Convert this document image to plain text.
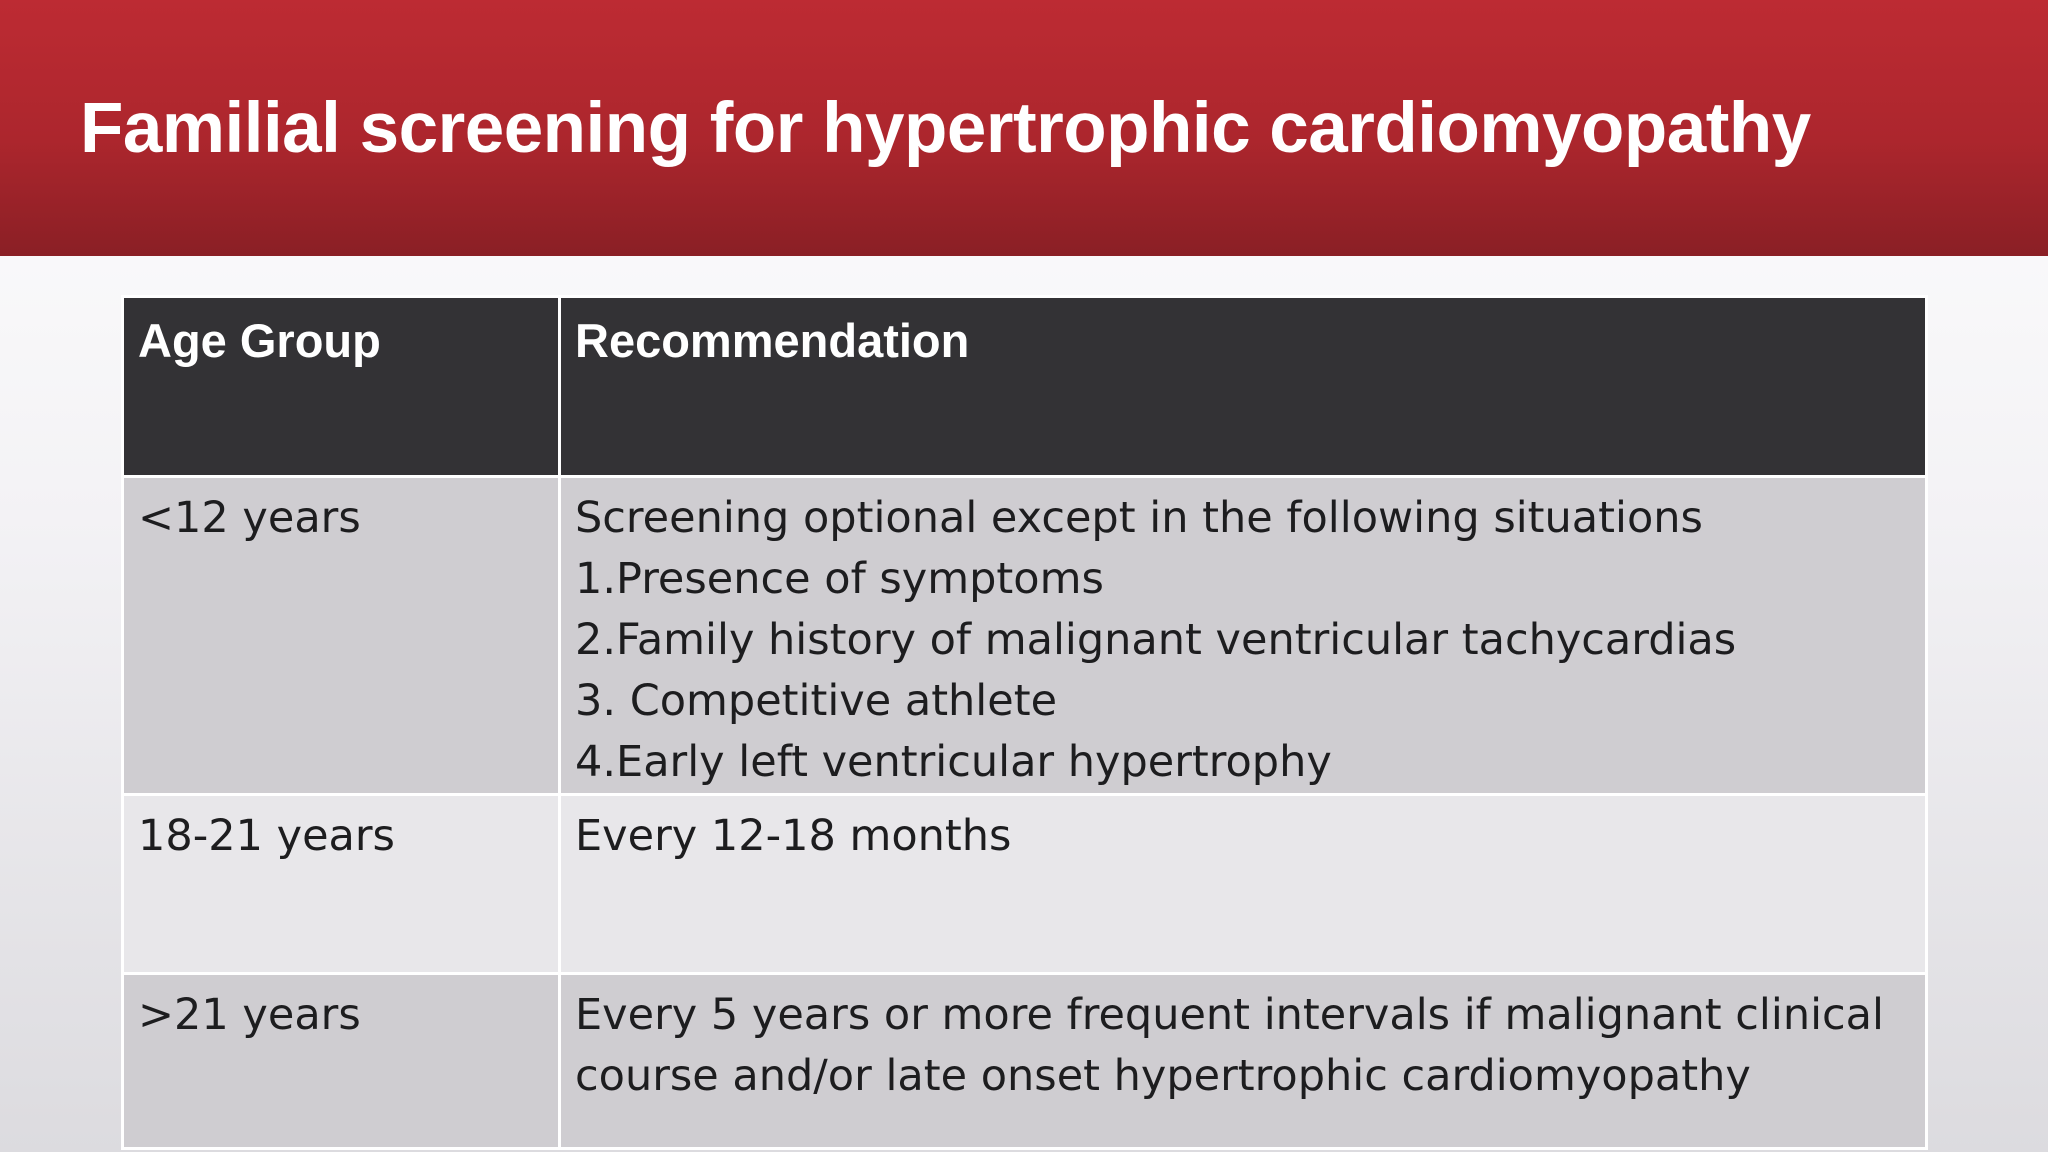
Familial screening for hypertrophic cardiomyopathy
Age Group	Recommendation
<12 years	Screening optional except in the following situations
1.Presence of symptoms
2.Family history of malignant ventricular tachycardias
3. Competitive athlete
4.Early left ventricular hypertrophy

18-21 years	Every 12-18 months

>21 years	Every 5 years or more frequent intervals if malignant clinical
course and/or late onset hypertrophic cardiomyopathy
